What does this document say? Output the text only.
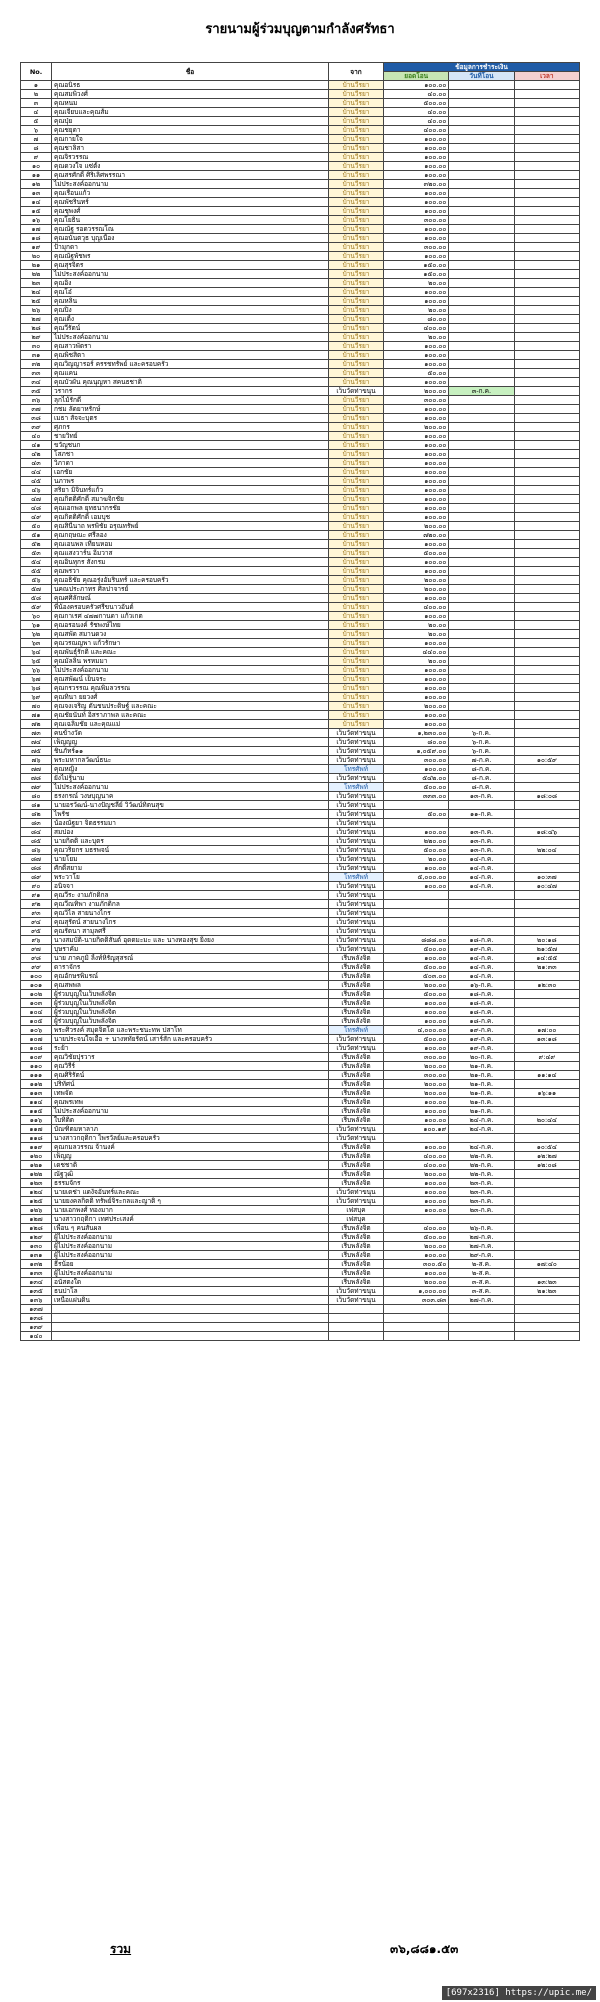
รายนามผู้ร่วมบุญตามกำลังศรัทธา
No.	ชื่อ	จาก	ข้อมูลการชำระเงิน		
			ยอดโอน	วันที่โอน	เวลา
๑	คุณอนิรธ	บ้านวีรยา	๑๐๐.๐๐		
๒	คุณสมพิวงศ์	บ้านวีรยา	๔๐.๐๐		
๓	คุณหนม	บ้านวีรยา	๕๐๐.๐๐		
๔	คุณเจียบและคุณส้ม	บ้านวีรยา	๔๐.๐๐		
๕	คุณปุ่ย	บ้านวีรยา	๔๐.๐๐		
๖	คุณชยุดา	บ้านวีรยา	๔๐๐.๐๐		
๗	คุณกายใจ	บ้านวีรยา	๑๐๐.๐๐		
๘	คุณชาลิสา	บ้านวีรยา	๑๐๐.๐๐		
๙	คุณจิรวรรณ	บ้านวีรยา	๑๐๐.๐๐		
๑๐	คุณดวงใจ แซ่ตั้ง	บ้านวีรยา	๑๐๐.๐๐		
๑๑	คุณสรศักดิ์ ศิริเลิศพรรณา	บ้านวีรยา	๑๐๐.๐๐		
๑๒	ไม่ประสงค์ออกนาม	บ้านวีรยา	๓๒๐.๐๐		
๑๓	คุณเรือนแก้ว	บ้านวีรยา	๑๐๐.๐๐		
๑๔	คุณพัชรินทร์	บ้านวีรยา	๑๐๐.๐๐		
๑๕	คุณชุพงศ์	บ้านวีรยา	๑๐๐.๐๐		
๑๖	คุณโยธิน	บ้านวีรยา	๓๐๐.๐๐		
๑๗	คุณณัฐ รอดวรรณโณ	บ้านวีรยา	๑๐๐.๐๐		
๑๘	คุณอนันตวุธ บุญเนื่อง	บ้านวีรยา	๑๐๐.๐๐		
๑๙	ป้ามุกดา	บ้านวีรยา	๓๐๐.๐๐		
๒๐	คุณณัฐพัชพร	บ้านวีรยา	๑๐๐.๐๐		
๒๑	คุณสุรจิตร	บ้านวีรยา	๑๕๐.๐๐		
๒๒	ไม่ประสงค์ออกนาม	บ้านวีรยา	๑๕๐.๐๐		
๒๓	คุณอิง	บ้านวีรยา	๒๐.๐๐		
๒๔	คุณโอ๋	บ้านวีรยา	๑๐๐.๐๐		
๒๕	คุณหลิน	บ้านวีรยา	๑๐๐.๐๐		
๒๖	คุณปิง	บ้านวีรยา	๒๐.๐๐		
๒๗	คุณเติ้ง	บ้านวีรยา	๘๐.๐๐		
๒๘	คุณวีรัตน์	บ้านวีรยา	๔๐๐.๐๐		
๒๙	ไม่ประสงค์ออกนาม	บ้านวีรยา	๒๐.๐๐		
๓๐	คุณสาวพัตรา	บ้านวีรยา	๑๐๐.๐๐		
๓๑	คุณพิชสิตา	บ้านวีรยา	๑๐๐.๐๐		
๓๒	คุณวิญญารอร์ ครรชทรัพย์ และครอบครัว	บ้านวีรยา	๑๐๐.๐๐		
๓๓	คุณแคน	บ้านวีรยา	๕๐.๐๐		
๓๔	คุณบัวผัน คุณนุญหา สคนธชาติ	บ้านวีรยา	๑๐๐.๐๐		
๓๕	วรากร	เว็บวัดท่าขนุน	๒๐๐.๐๐	๓-ก.ค.	
๓๖	ลุกไม้รักดี	บ้านวีรยา	๓๐๐.๐๐		
๓๗	กชม ลัดยาหรักษ์	บ้านวีรยา	๑๐๐.๐๐		
๓๘	เมธา สัจจะบุตร	บ้านวีรยา	๑๐๐.๐๐		
๓๙	ศุภกร	บ้านวีรยา	๒๐๐.๐๐		
๔๐	ชายวิทย์	บ้านวีรยา	๑๐๐.๐๐		
๔๑	ขวัญชนก	บ้านวีรยา	๑๐๐.๐๐		
๔๒	โสภชา	บ้านวีรยา	๑๐๐.๐๐		
๔๓	วิภาดา	บ้านวีรยา	๑๐๐.๐๐		
๔๔	เอกชัย	บ้านวีรยา	๑๐๐.๐๐		
๔๕	นภาพร	บ้านวีรยา	๑๐๐.๐๐		
๔๖	สริยา มิจินทร์แก้ว	บ้านวีรยา	๑๐๐.๐๐		
๔๗	คุณกิตติศักดิ์ สมาฆจิกชัย	บ้านวีรยา	๑๐๐.๐๐		
๔๘	คุณเอกพล ยุทธนากรชัย	บ้านวีรยา	๑๐๐.๐๐		
๔๙	คุณกิตติศักดิ์ เอมบุช	บ้านวีรยา	๑๐๐.๐๐		
๕๐	คุณสินีนาถ พรพิชัย อรุณทรัพย์	บ้านวีรยา	๒๐๐.๐๐		
๕๑	คุณกฤษณะ ศรีลอง	บ้านวีรยา	๗๒๐.๐๐		
๕๒	คุณเอนพล เทียนหอม	บ้านวีรยา	๑๐๐.๐๐		
๕๓	คุณแสงวาร์น อิ่มวาส	บ้านวีรยา	๕๐๐.๐๐		
๕๔	คุณอินทุกร สังกรม	บ้านวีรยา	๑๐๐.๐๐		
๕๕	คุณพรวา	บ้านวีรยา	๑๐๐.๐๐		
๕๖	คุณอธิชัย คุณอรุ่งอัมรินทร์ และครอบครัว	บ้านวีรยา	๒๐๐.๐๐		
๕๗	นคณประภาทร ศิลปาจารย์	บ้านวีรยา	๒๐๐.๐๐		
๕๘	คุณศศิลักษณ์	บ้านวีรยา	๑๐๐.๐๐		
๕๙	พี่น้องครอบครัวศรีขนาวอันต์	บ้านวีรยา	๔๐๐.๐๐		
๖๐	คุณกาเรศ ๔๗๗กานดา แก้วเกต	บ้านวีรยา	๑๐๐.๐๐		
๖๑	คุณอรอนงค์ รัชพงษ์ไทย	บ้านวีรยา	๒๐.๐๐		
๖๒	คุณสพัด สมานดวง	บ้านวีรยา	๒๐.๐๐		
๖๓	คุณวรณญพา แก้วรักษา	บ้านวีรยา	๑๐๐.๐๐		
๖๔	คุณพันธ์ุรักติ และคณะ	บ้านวีรยา	๔๔๐.๐๐		
๖๕	คุณมัลลิน พรหมมา	บ้านวีรยา	๒๐.๐๐		
๖๖	ไม่ประสงค์ออกนาม	บ้านวีรยา	๑๐๐.๐๐		
๖๗	คุณสพัฒน์ เย็นจระ	บ้านวีรยา	๑๐๐.๐๐		
๖๘	คุณกรวรรณ คุณพิมลวรรณ	บ้านวีรยา	๑๐๐.๐๐		
๖๙	คุณทินา ยยวงศ์	บ้านวีรยา	๑๐๐.๐๐		
๗๐	คุณจงเจริญ ตันชนประดิษฐ์ และคณะ	บ้านวีรยา	๒๐๐.๐๐		
๗๑	คุณชัยนันท์ อิสราภาพล และคณะ	บ้านวีรยา	๑๐๐.๐๐		
๗๒	คุณเฉลิมชัย และคุณแม่	บ้านวีรยา	๑๐๐.๐๐		
๗๓	คนข้างวัด	เว็บวัดท่าขนุน	๑,๒๓๐.๐๐	๖-ก.ค.	
๗๔	เพ็ญญญ	เว็บวัดท่าขนุน	๘๐.๐๐	๖-ก.ค.	
๗๕	ชินภัทร์๑๑	เว็บวัดท่าขนุน	๑,๐๕๙.๐๐	๖-ก.ค.	
๗๖	พระมหากลวัฒน์ธนะ	เว็บวัดท่าขนุน	๓๐๐.๐๐	๗-ก.ค.	๑๐:๕๙
๗๗	คุณหญิง	โทรศัพท์	๑๐๐.๐๐	๘-ก.ค.	
๗๘	ยังไม่รู้นาม	เว็บวัดท่าขนุน	๕๔๒.๐๐	๘-ก.ค.	
๗๙	ไม่ประสงค์ออกนาม	โทรศัพท์	๕๐๐.๐๐	๘-ก.ค.	
๘๐	ธรงกรณ์ วงษบุญนาค	เว็บวัดท่าขนุน	๓๓๓.๐๐	๑๓-ก.ค.	๑๘:๐๘
๘๑	นายอรวัฒน์-นางปัญชลีย์ วิวัฒน์ทิตนสุข	เว็บวัดท่าขนุน			
๘๒	ไพรัช	เว็บวัดท่าขนุน	๕๐.๐๐	๑๑-ก.ค.	
๘๓	น้องณัฐยา จิตธรรมมา	เว็บวัดท่าขนุน			
๘๔	สมปอง	เว็บวัดท่าขนุน	๑๐๐.๐๐	๑๓-ก.ค.	๑๘:๔๖
๘๕	นายกิตติ และบุตร	เว็บวัดท่าขนุน	๒๒๐.๐๐	๑๓-ก.ค.	
๘๖	คุณวริยกร มธรพจน์	เว็บวัดท่าขนุน	๕๐๐.๐๐	๑๓-ก.ค.	๒๒:๐๔
๘๗	นายโยม	เว็บวัดท่าขนุน	๒๐.๐๐	๑๔-ก.ค.	
๘๘	ศักดิ์สยาม	เว็บวัดท่าขนุน	๑๐๐.๐๐	๑๔-ก.ค.	
๘๙	พระวาโย	โทรศัพท์	๕,๐๐๐.๐๐	๑๔-ก.ค.	๑๐:๓๗
๙๐	อนิจจา	เว็บวัดท่าขนุน	๑๐๐.๐๐	๑๔-ก.ค.	๑๐:๔๗
๙๑	คุณวีระ งามภักดิกล	เว็บวัดท่าขนุน			
๙๒	คุณวีณทิพา งามภักดิกล	เว็บวัดท่าขนุน			
๙๓	คุณวิไล สายนางไกร	เว็บวัดท่าขนุน			
๙๔	คุณสุรัตน์ สายนางไกร	เว็บวัดท่าขนุน			
๙๕	คุณรัตนา สามุลศรี	เว็บวัดท่าขนุน			
๙๖	นางสมบัติ-นายกิตติสันต์ อุดดมะมะ และ นางทองสุข ยิ่งยง	เว็บวัดท่าขนุน	๘๘๘.๐๐	๑๘-ก.ค.	๒๐:๑๘
๙๗	บุษราคัม	เว็บวัดท่าขนุน	๕๐๐.๐๐	๑๙-ก.ค.	๒๑:๕๗
๙๘	นาย ภาคภูมิ ลิ้งท์หิรัญสุสรณ์	เรีบพลังจิต	๑๐๐.๐๐	๑๔-ก.ค.	๑๔:๕๕
๙๙	ดาราจักร	เรีบพลังจิต	๕๐๐.๐๐	๑๔-ก.ค.	๒๑:๓๓
๑๐๐	คุณอักษรพิมรณ์	เรีบพลังจิต	๕๐๓.๐๐	๑๔-ก.ค.	
๑๐๑	คุณสพพล	เรีบพลังจิต	๒๐๐.๐๐	๑๖-ก.ค.	๑๒:๓๐
๑๐๒	ผู้ร่วมบุญในเว็บพลังจิต	เรีบพลังจิต	๕๐๐.๐๐	๑๘-ก.ค.	
๑๐๓	ผู้ร่วมบุญในเว็บพลังจิต	เรีบพลังจิต	๑๐๐.๐๐	๑๘-ก.ค.	
๑๐๔	ผู้ร่วมบุญในเว็บพลังจิต	เรีบพลังจิต	๑๐๐.๐๐	๑๘-ก.ค.	
๑๐๕	ผู้ร่วมบุญในเว็บพลังจิต	เรีบพลังจิต	๑๐๐.๐๐	๑๘-ก.ค.	
๑๐๖	พระศิวรงค์ สมุดจิตโต และพระชนะทพ ปสาโท	โทรศัพท์	๔,๐๐๐.๐๐	๑๙-ก.ค.	๑๗:๐๐
๑๐๗	นายประจนใจเอื้อ + นางหทัยรัตน์ เสาร์สัก และครอบครัว	เว็บวัดท่าขนุน	๕๐๐.๐๐	๑๙-ก.ค.	๑๓:๑๘
๑๐๘	ระย้า	เว็บวัดท่าขนุน	๑๐๐.๐๐	๑๙-ก.ค.	
๑๐๙	คุณวิชัยปุรวาร	เรีบพลังจิต	๓๐๐.๐๐	๒๐-ก.ค.	๙:๔๙
๑๑๐	คุณวิรีร์	เรีบพลังจิต	๒๐๐.๐๐	๒๑-ก.ค.	
๑๑๑	คุณศิริรัตน์	เรีบพลังจิต	๓๐๐.๐๐	๒๑-ก.ค.	๑๑:๑๔
๑๑๒	ปริทัศน์	เรีบพลังจิต	๒๐๐.๐๐	๒๑-ก.ค.	
๑๑๓	เทพจัด	เรีบพลังจิต	๒๐๐.๐๐	๒๑-ก.ค.	๑๖:๑๑
๑๑๔	คุณพรเทพ	เรีบพลังจิต	๑๐๐.๐๐	๒๑-ก.ค.	
๑๑๕	ไม่ประสงค์ออกนาม	เรีบพลังจิต	๑๐๐.๐๐	๒๑-ก.ค.	
๑๑๖	ใบทิติต	เรีบพลังจิต	๑๐๐.๐๐	๒๔-ก.ค.	๒๐:๔๔
๑๑๗	บัณฑิตมหาลาภ	เว็บวัดท่าขนุน	๑๐๐.๑๙	๒๔-ก.ค.	
๑๑๘	นางสาวกฤติกา ไพรวัลย์และครอบครัว	เว็บวัดท่าขนุน			
๑๑๙	คุณกมลวรรณ จ้านงค์	เรีบพลังจิต	๑๐๐.๐๐	๒๔-ก.ค.	๑๐:๕๔
๑๒๐	เพ็ญญ	เรีบพลังจิต	๔๐๐.๐๐	๒๒-ก.ค.	๑๒:๒๗
๑๒๑	เดชชาติ	เรีบพลังจิต	๔๐๐.๐๐	๒๒-ก.ค.	๑๒:๐๘
๑๒๒	ณัฐวุฒิ	เรีบพลังจิต	๒๐๐.๐๐	๒๒-ก.ค.	
๑๒๓	ธรรมจักร	เรีบพลังจิต	๑๐๐.๐๐	๒๓-ก.ค.	
๑๒๔	นายเดช่า แดงัจอันทร์และคณะ	เว็บวัดท่าขนุน	๑๐๐.๐๐	๒๓-ก.ค.	
๑๒๕	นายยงคลกิตติ ทรัพย์จิระกลและญาติ ๆ	เว็บวัดท่าขนุน	๑๐๐.๐๐	๒๓-ก.ค.	
๑๒๖	นายเอกพงศ์ ทองมาก	เฟสบุค	๑๐๐.๐๐	๒๓-ก.ค.	
๑๒๗	นางสาวกฤติกา เทศประเสงค์	เฟสบุค			
๑๒๘	เพื่อน ๆ คนสันผล	เรีบพลังจิต	๔๐๐.๐๐	๒๖-ก.ค.	
๑๒๙	ผู้ไม่ประสงค์ออกนาม	เรีบพลังจิต	๕๐๐.๐๐	๒๗-ก.ค.	
๑๓๐	ผู้ไม่ประสงค์ออกนาม	เรีบพลังจิต	๒๐๐.๐๐	๒๗-ก.ค.	
๑๓๑	ผู้ไม่ประสงค์ออกนาม	เรีบพลังจิต	๑๐๐.๐๐	๒๙-ก.ค.	
๑๓๒	ธีรน้อย	เรีบพลังจิต	๓๐๐.๕๐	๒-ส.ค.	๑๗:๔๐
๑๓๓	ผู้ไม่ประสงค์ออกนาม	เรีบพลังจิต	๑๐๐.๐๐	๒-ส.ค.	
๑๓๔	อนัสตงใด	เรีบพลังจิต	๒๐๐.๐๐	๓-ส.ค.	๑๓:๒๓
๑๓๕	ธนปาโล	เว็บวัดท่าขนุน	๑,๐๐๐.๐๐	๓-ส.ค.	๒๑:๒๓
๑๓๖	เหนือแผ่นดิน	เว็บวัดท่าขนุน	๓๐๓.๘๓	๒๗-ก.ค.	
๑๓๗					
๑๓๘					
๑๓๙					
๑๔๐					
รวม	๓๖,๘๘๑.๕๓
[697x2316] https://upic.me/
